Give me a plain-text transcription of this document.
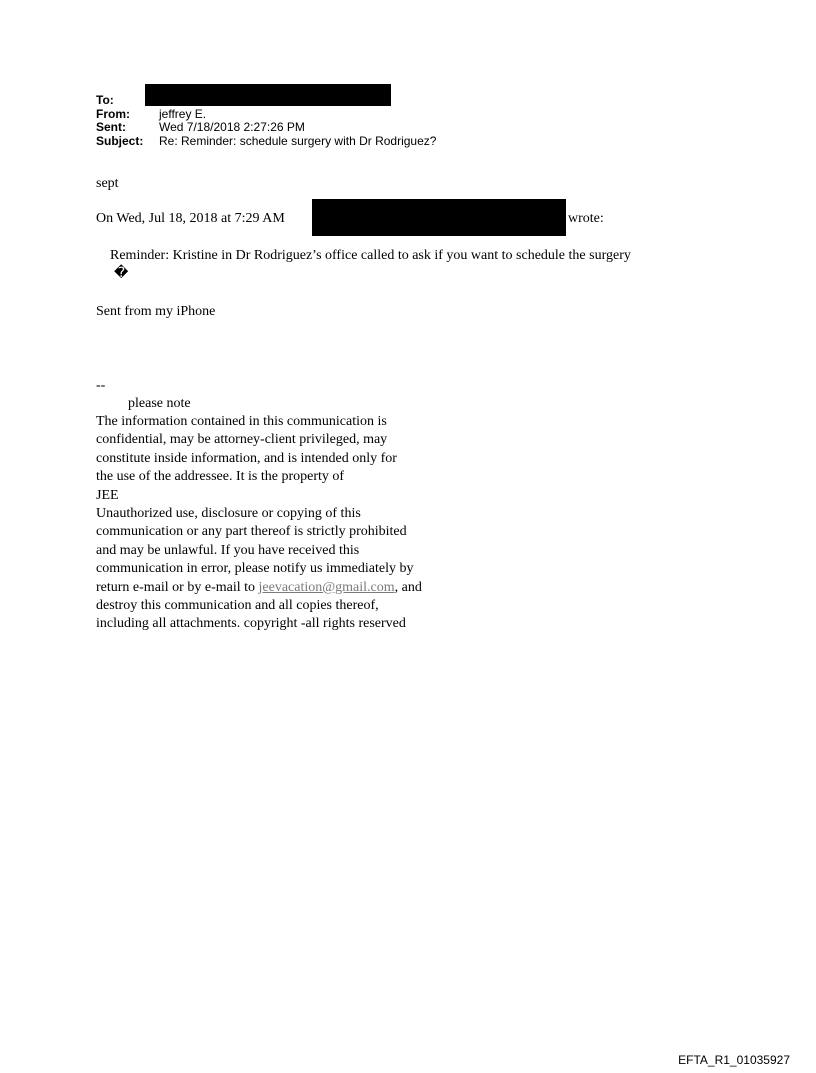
To:
From:	jeffrey E.
Sent:	Wed 7/18/2018 2:27:26 PM
Subject:	Re: Reminder: schedule surgery with Dr Rodriguez?
sept
On Wed, Jul 18, 2018 at 7:29 AM	wrote:
Reminder: Kristine in Dr Rodriguez’s office called to ask if you want to schedule the surgery
�
Sent from my iPhone
--
please note
The information contained in this communication is
confidential, may be attorney-client privileged, may
constitute inside information, and is intended only for
the use of the addressee. It is the property of
JEE
Unauthorized use, disclosure or copying of this
communication or any part thereof is strictly prohibited
and may be unlawful. If you have received this
communication in error, please notify us immediately by
return e-mail or by e-mail to jeevacation@gmail.com, and
destroy this communication and all copies thereof,
including all attachments. copyright -all rights reserved
EFTA_R1_01035927
